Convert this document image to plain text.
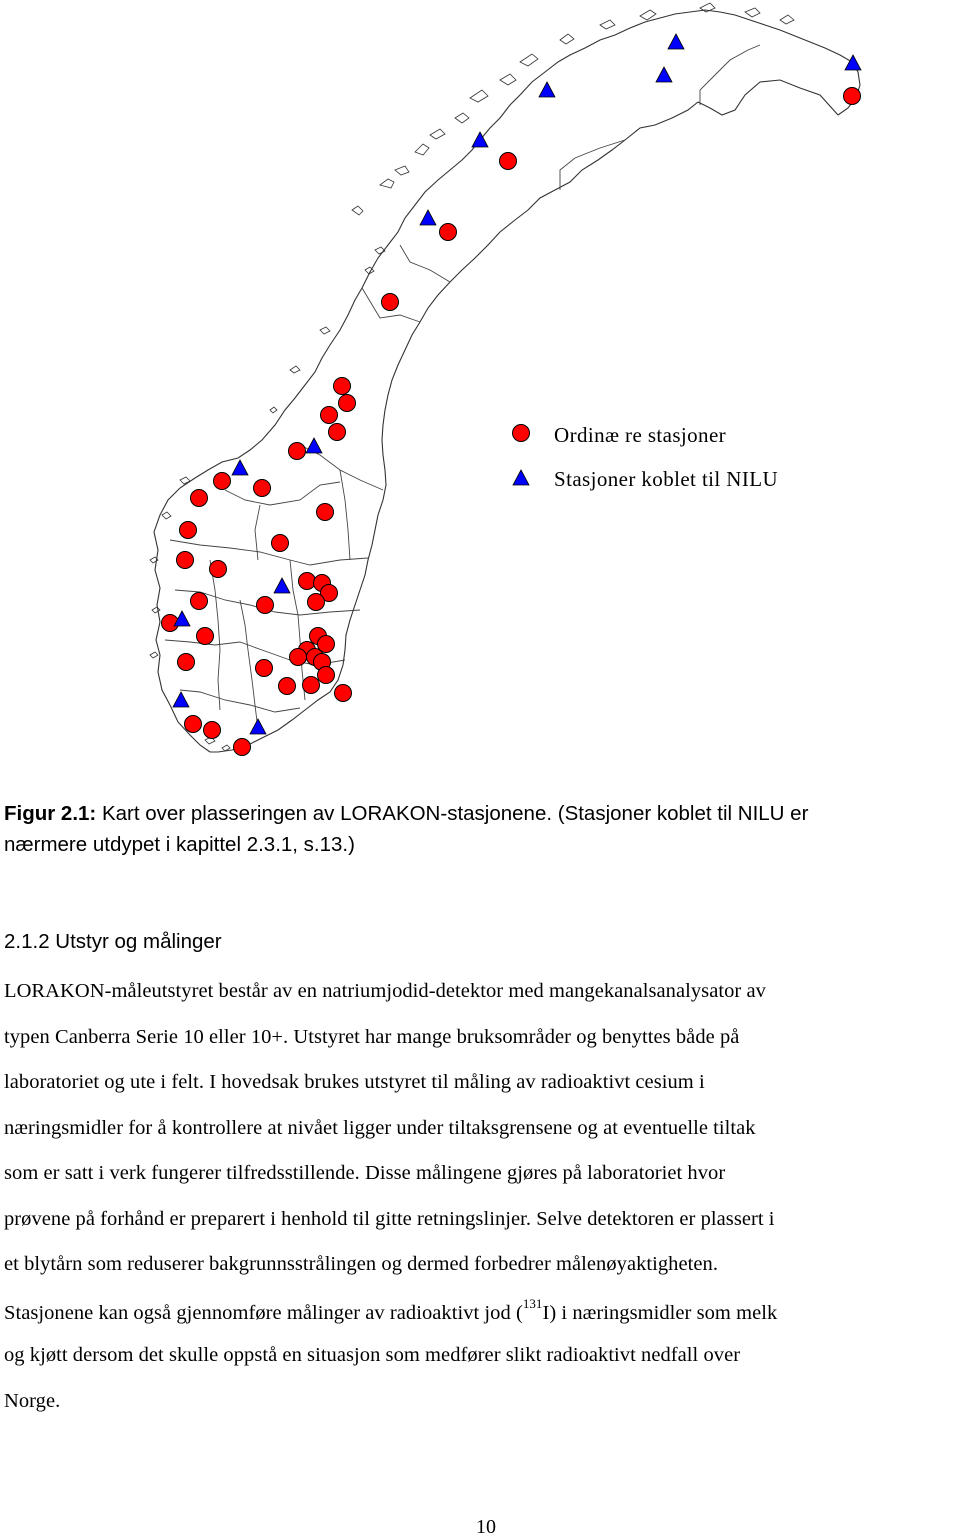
Ordinæ re stasjoner
Stasjoner koblet til NILU
Figur 2.1: Kart over plasseringen av LORAKON-stasjonene. (Stasjoner koblet til NILU er
nærmere utdypet i kapittel 2.3.1, s.13.)
2.1.2 Utstyr og målinger
LORAKON-måleutstyret består av en natriumjodid-detektor med mangekanalsanalysator av
typen Canberra Serie 10 eller 10+. Utstyret har mange bruksområder og benyttes både på
laboratoriet og ute i felt. I hovedsak brukes utstyret til måling av radioaktivt cesium i
næringsmidler for å kontrollere at nivået ligger under tiltaksgrensene og at eventuelle tiltak
som er satt i verk fungerer tilfredsstillende. Disse målingene gjøres på laboratoriet hvor
prøvene på forhånd er preparert i henhold til gitte retningslinjer. Selve detektoren er plassert i
et blytårn som reduserer bakgrunnsstrålingen og dermed forbedrer målenøyaktigheten.
Stasjonene kan også gjennomføre målinger av radioaktivt jod ($^{131}$I) i næringsmidler som melk
og kjøtt dersom det skulle oppstå en situasjon som medfører slikt radioaktivt nedfall over
Norge.
10
